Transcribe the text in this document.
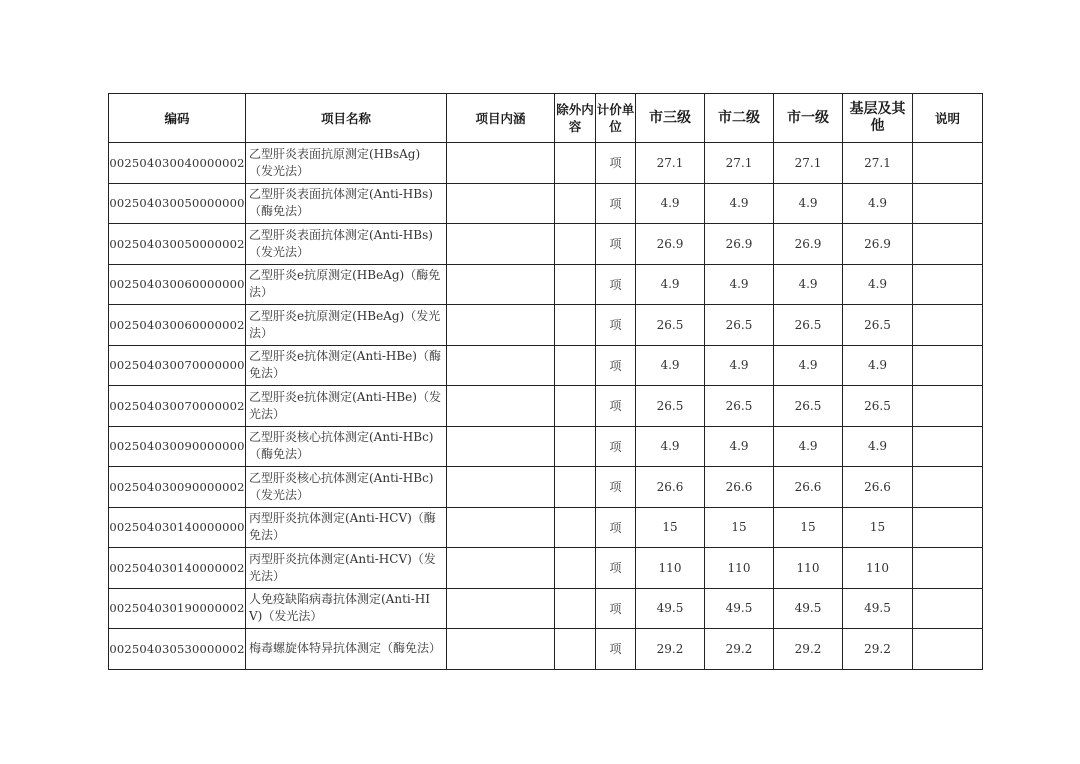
编码	项目名称	项目内涵	除外内容	计价单位	市三级	市二级	市一级	基层及其他	说明
002504030040000002	乙型肝炎表面抗原测定(HBsAg)（发光法）			项	27.1	27.1	27.1	27.1	
002504030050000000	乙型肝炎表面抗体测定(Anti-HBs)（酶免法）			项	4.9	4.9	4.9	4.9	
002504030050000002	乙型肝炎表面抗体测定(Anti-HBs)（发光法）			项	26.9	26.9	26.9	26.9	
002504030060000000	乙型肝炎e抗原测定(HBeAg)（酶免法）			项	4.9	4.9	4.9	4.9	
002504030060000002	乙型肝炎e抗原测定(HBeAg)（发光法）			项	26.5	26.5	26.5	26.5	
002504030070000000	乙型肝炎e抗体测定(Anti-HBe)（酶免法）			项	4.9	4.9	4.9	4.9	
002504030070000002	乙型肝炎e抗体测定(Anti-HBe)（发光法）			项	26.5	26.5	26.5	26.5	
002504030090000000	乙型肝炎核心抗体测定(Anti-HBc)（酶免法）			项	4.9	4.9	4.9	4.9	
002504030090000002	乙型肝炎核心抗体测定(Anti-HBc)（发光法）			项	26.6	26.6	26.6	26.6	
002504030140000000	丙型肝炎抗体测定(Anti-HCV)（酶免法）			项	15	15	15	15	
002504030140000002	丙型肝炎抗体测定(Anti-HCV)（发光法）			项	110	110	110	110	
002504030190000002	人免疫缺陷病毒抗体测定(Anti-HIV)（发光法）			项	49.5	49.5	49.5	49.5	
002504030530000002	梅毒螺旋体特异抗体测定（酶免法）			项	29.2	29.2	29.2	29.2	
